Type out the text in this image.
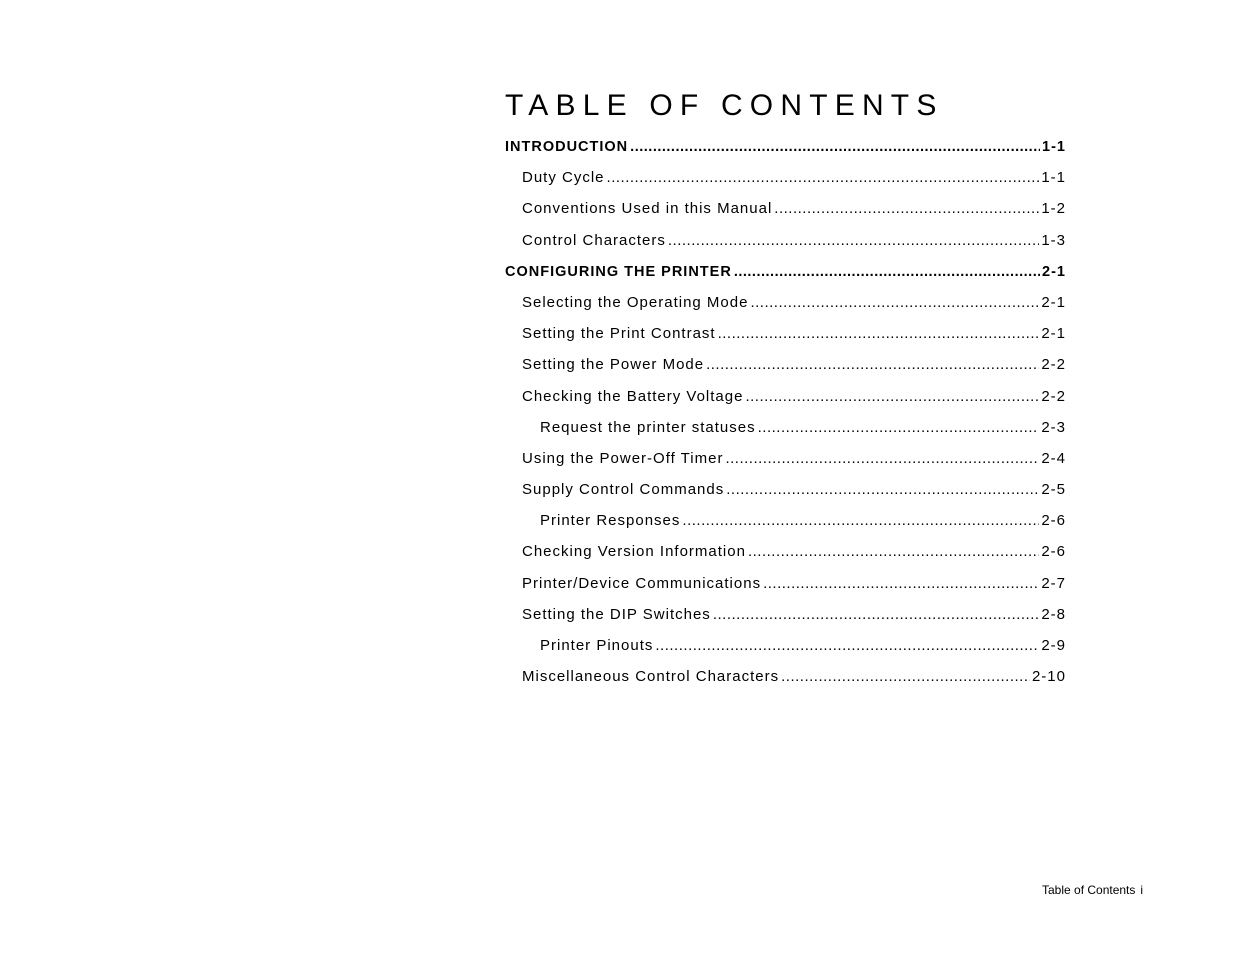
TABLE OF CONTENTS
INTRODUCTION .....	1-1
Duty Cycle .....	1-1
Conventions Used in this Manual .....	1-2
Control Characters .....	1-3
CONFIGURING THE PRINTER .....	2-1
Selecting the Operating Mode .....	2-1
Setting the Print Contrast .....	2-1
Setting the Power Mode .....	2-2
Checking the Battery Voltage .....	2-2
Request the printer statuses .....	2-3
Using the Power-Off Timer .....	2-4
Supply Control Commands .....	2-5
Printer Responses .....	2-6
Checking Version Information .....	2-6
Printer/Device Communications .....	2-7
Setting the DIP Switches .....	2-8
Printer Pinouts .....	2-9
Miscellaneous Control Characters .....	2-10
Table of Contents i
